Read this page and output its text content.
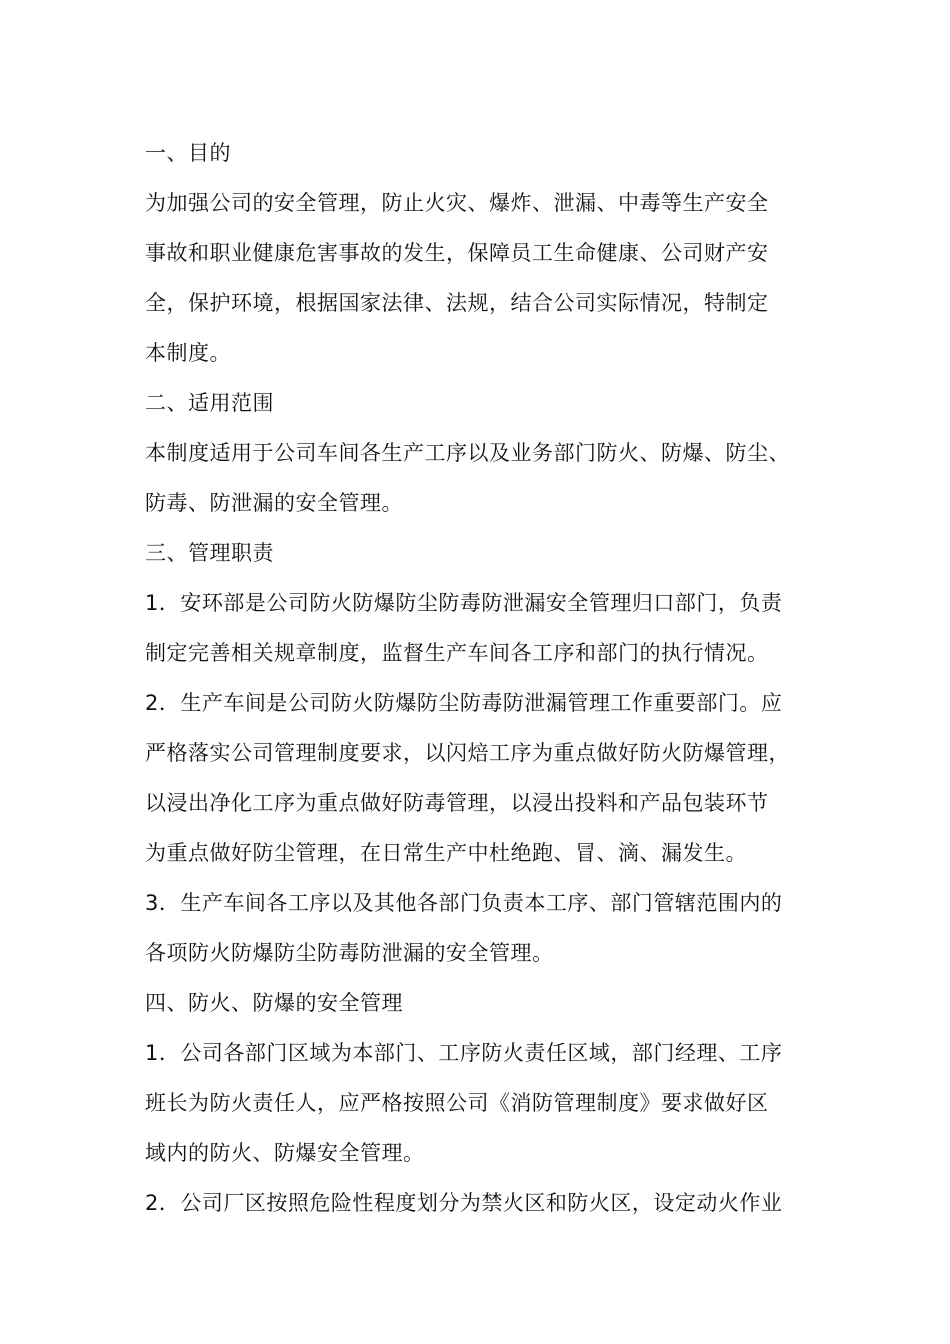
一、目的
为加强公司的安全管理，防止火灾、爆炸、泄漏、中毒等生产安全
事故和职业健康危害事故的发生，保障员工生命健康、公司财产安
全，保护环境，根据国家法律、法规，结合公司实际情况，特制定
本制度。
二、适用范围
本制度适用于公司车间各生产工序以及业务部门防火、防爆、防尘、
防毒、防泄漏的安全管理。
三、管理职责
1．安环部是公司防火防爆防尘防毒防泄漏安全管理归口部门，负责
制定完善相关规章制度，监督生产车间各工序和部门的执行情况。
2．生产车间是公司防火防爆防尘防毒防泄漏管理工作重要部门。应
严格落实公司管理制度要求，以闪焙工序为重点做好防火防爆管理，
以浸出净化工序为重点做好防毒管理，以浸出投料和产品包装环节
为重点做好防尘管理，在日常生产中杜绝跑、冒、滴、漏发生。
3．生产车间各工序以及其他各部门负责本工序、部门管辖范围内的
各项防火防爆防尘防毒防泄漏的安全管理。
四、防火、防爆的安全管理
1．公司各部门区域为本部门、工序防火责任区域，部门经理、工序
班长为防火责任人，应严格按照公司《消防管理制度》要求做好区
域内的防火、防爆安全管理。
2．公司厂区按照危险性程度划分为禁火区和防火区，设定动火作业
